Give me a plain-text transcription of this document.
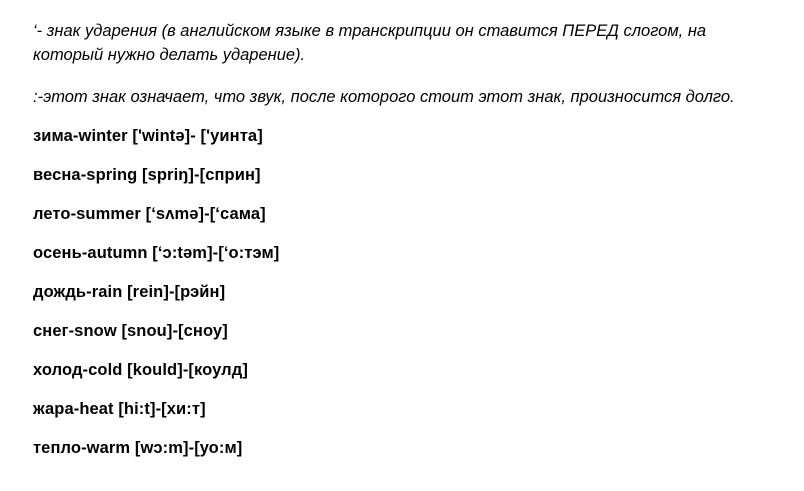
‘- знак ударения (в английском языке в транскрипции он ставится ПЕРЕД слогом, на
который нужно делать ударение).
:-этот знак означает, что звук, после которого стоит этот знак, произносится долго.
зима-winter ['wintə]- ['уинта]
весна-spring [spriŋ]-[сприн]
лето-summer [‘sʌmə]-[‘сама]
осень-autumn [‘ɔ:təm]-[‘о:тэм]
дождь-rain [rein]-[рэйн]
снег-snow [snou]-[сноу]
холод-cold [kould]-[коулд]
жара-heat [hi:t]-[хи:т]
тепло-warm [wɔ:m]-[уо:м]
